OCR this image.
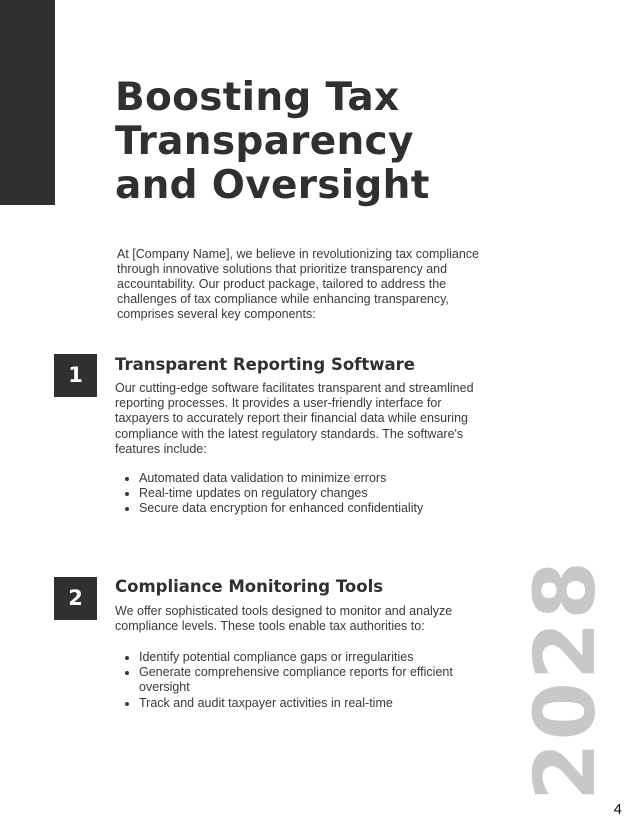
Boosting Tax
Transparency
and Oversight

At [Company Name], we believe in revolutionizing tax compliance through innovative solutions that prioritize transparency and accountability. Our product package, tailored to address the challenges of tax compliance while enhancing transparency, comprises several key components:

1	Transparent Reporting Software

Our cutting-edge software facilitates transparent and streamlined reporting processes. It provides a user-friendly interface for taxpayers to accurately report their financial data while ensuring compliance with the latest regulatory standards. The software's features include:

• Automated data validation to minimize errors
• Real-time updates on regulatory changes
• Secure data encryption for enhanced confidentiality
2	Compliance Monitoring Tools

We offer sophisticated tools designed to monitor and analyze compliance levels. These tools enable tax authorities to:

• Identify potential compliance gaps or irregularities
• Generate comprehensive compliance reports for efficient oversight
• Track and audit taxpayer activities in real-time	2028
4
